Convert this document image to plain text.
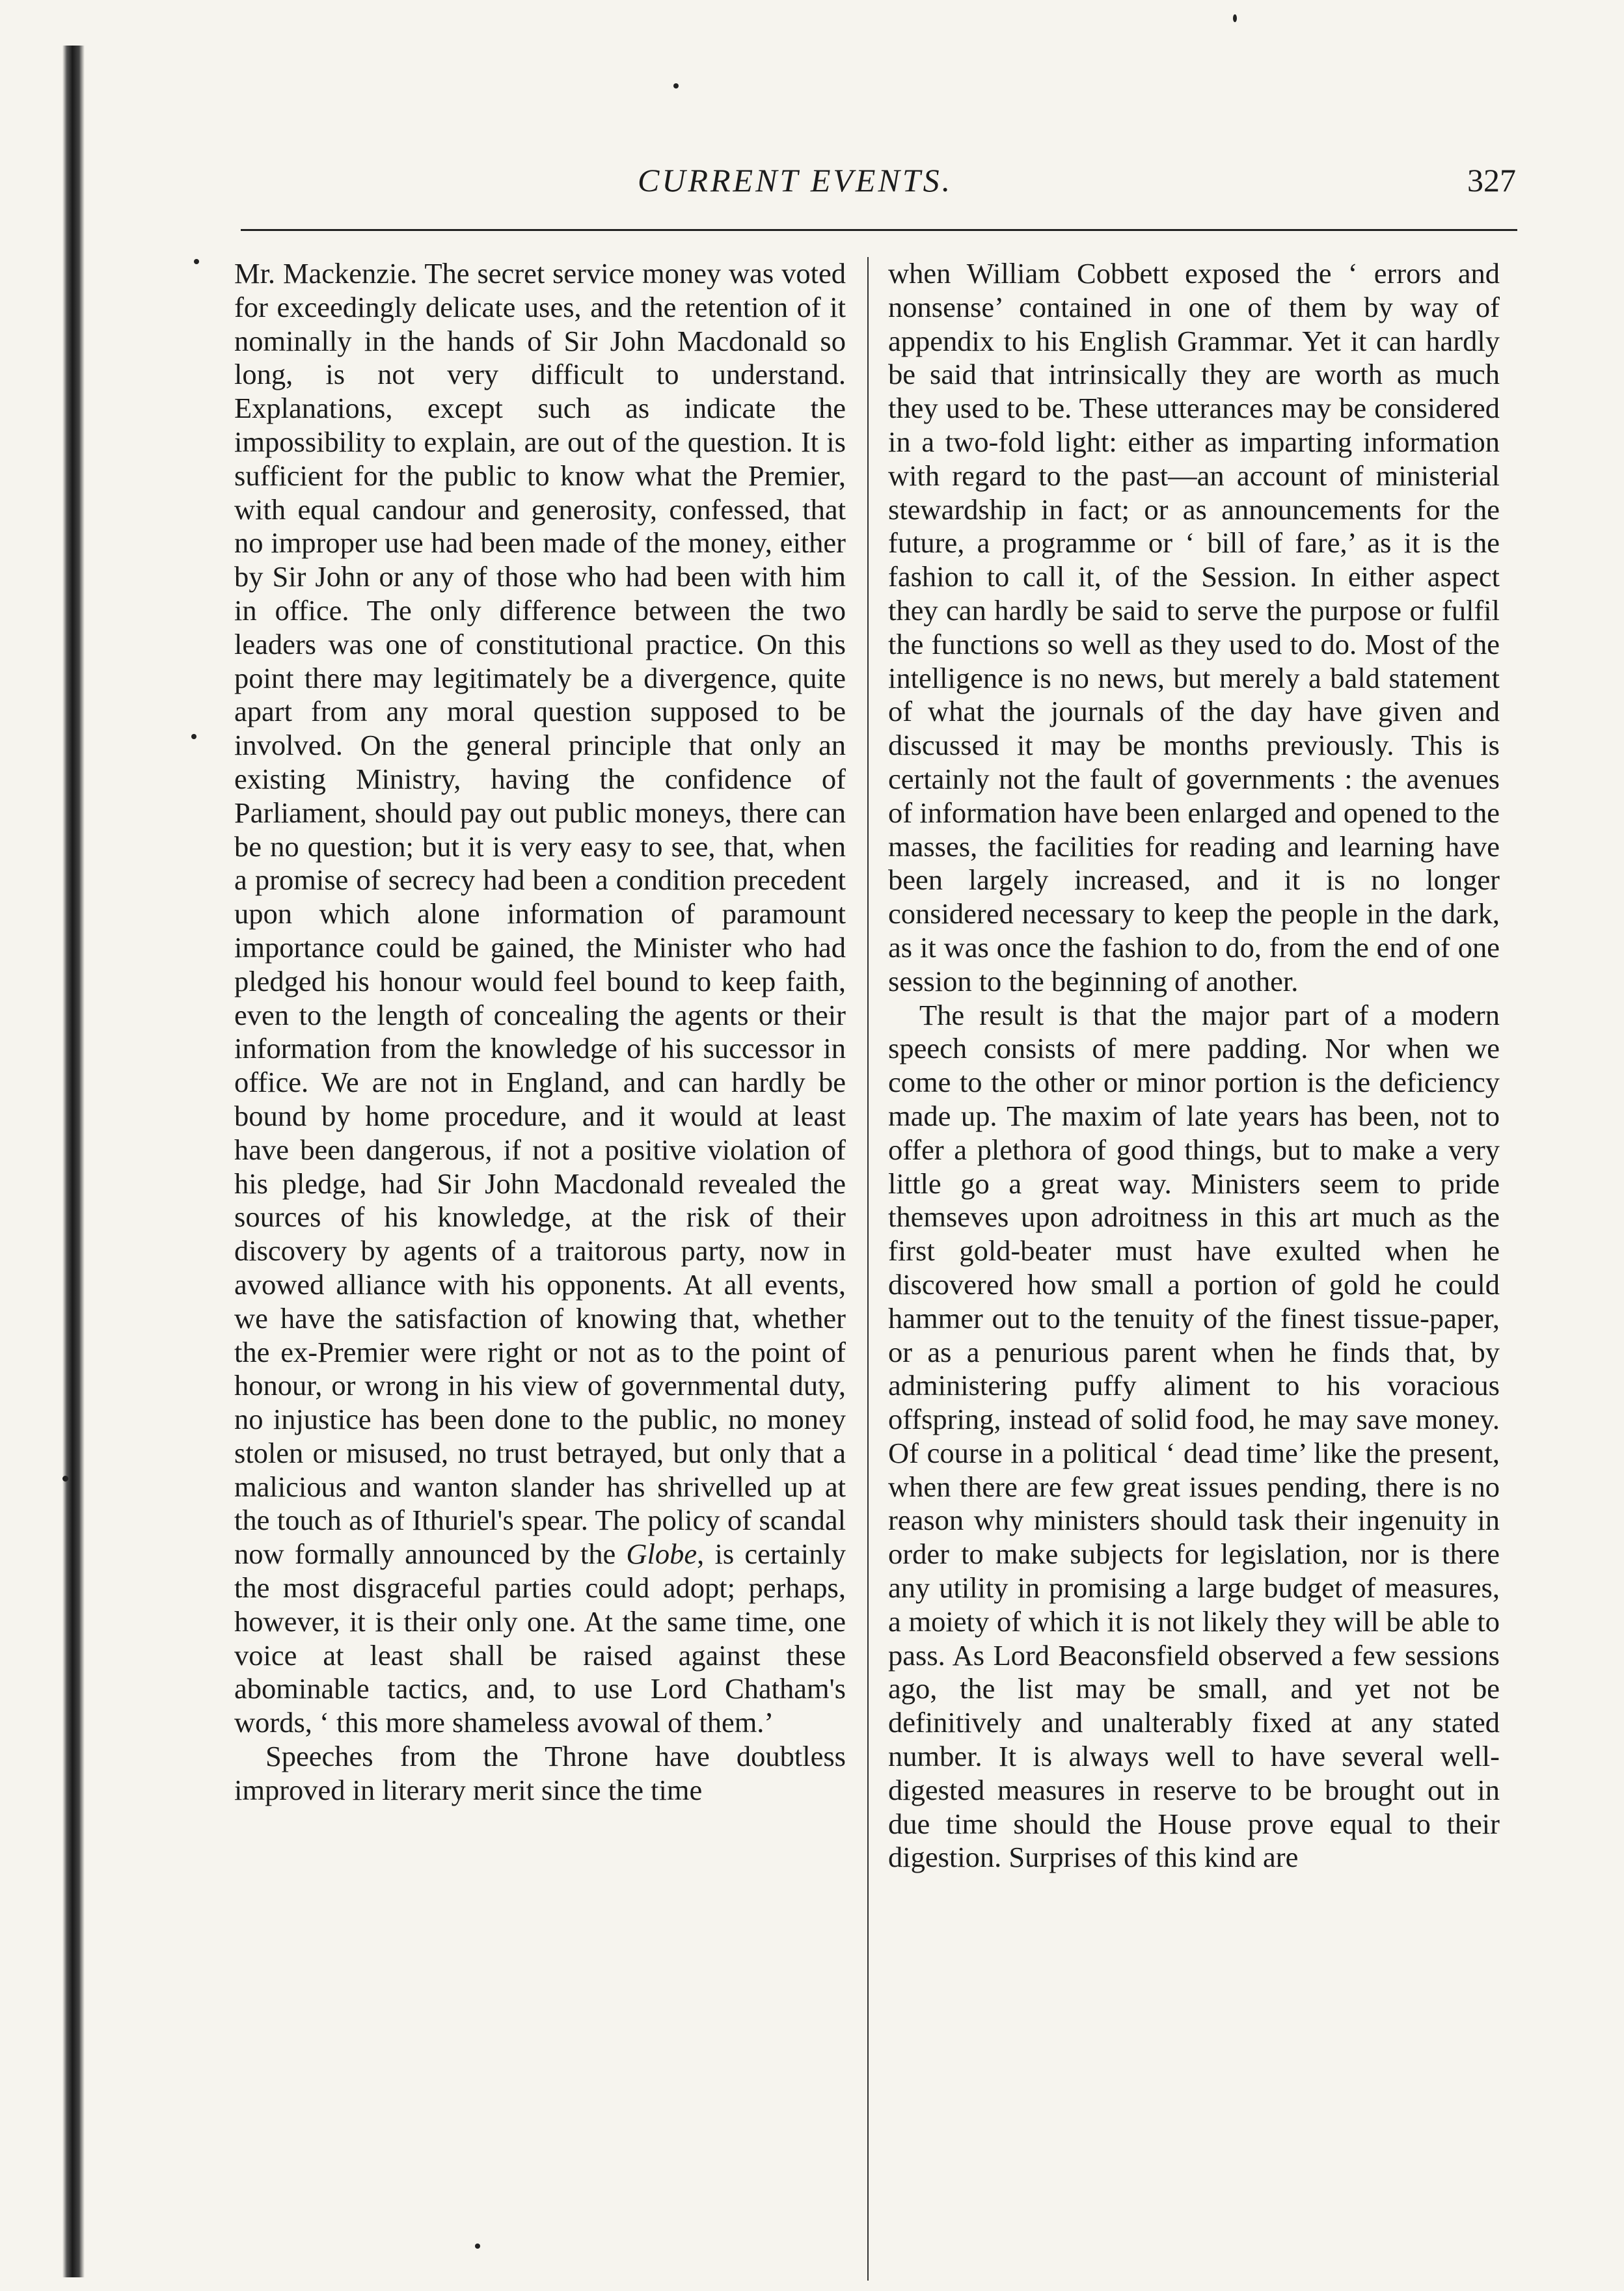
CURRENT EVENTS.	327

Mr. Mackenzie. The secret service money was voted for exceedingly delicate uses, and the retention of it nominally in the hands of Sir John Macdonald so long, is not very difficult to understand. Explanations, except such as indicate the impossibility to explain, are out of the question. It is sufficient for the public to know what the Premier, with equal candour and generosity, confessed, that no improper use had been made of the money, either by Sir John or any of those who had been with him in office. The only difference between the two leaders was one of constitutional practice. On this point there may legitimately be a divergence, quite apart from any moral question supposed to be involved. On the general principle that only an existing Ministry, having the confidence of Parliament, should pay out public moneys, there can be no question; but it is very easy to see, that, when a promise of secrecy had been a condition precedent upon which alone information of paramount importance could be gained, the Minister who had pledged his honour would feel bound to keep faith, even to the length of concealing the agents or their information from the knowledge of his successor in office. We are not in England, and can hardly be bound by home procedure, and it would at least have been dangerous, if not a positive violation of his pledge, had Sir John Macdonald revealed the sources of his knowledge, at the risk of their discovery by agents of a traitorous party, now in avowed alliance with his opponents. At all events, we have the satisfaction of knowing that, whether the ex-Premier were right or not as to the point of honour, or wrong in his view of governmental duty, no injustice has been done to the public, no money stolen or misused, no trust betrayed, but only that a malicious and wanton slander has shrivelled up at the touch as of Ithuriel's spear. The policy of scandal now formally announced by the Globe, is certainly the most disgraceful parties could adopt; perhaps, however, it is their only one. At the same time, one voice at least shall be raised against these abominable tactics, and, to use Lord Chatham's words, ‘ this more shameless avowal of them.’

Speeches from the Throne have doubtless improved in literary merit since the time

when William Cobbett exposed the ‘ errors and nonsense’ contained in one of them by way of appendix to his English Grammar. Yet it can hardly be said that intrinsically they are worth as much they used to be. These utterances may be considered in a two-fold light: either as imparting information with regard to the past—an account of ministerial stewardship in fact; or as announcements for the future, a programme or ‘ bill of fare,’ as it is the fashion to call it, of the Session. In either aspect they can hardly be said to serve the purpose or fulfil the functions so well as they used to do. Most of the intelligence is no news, but merely a bald statement of what the journals of the day have given and discussed it may be months previously. This is certainly not the fault of governments : the avenues of information have been enlarged and opened to the masses, the facilities for reading and learning have been largely increased, and it is no longer considered necessary to keep the people in the dark, as it was once the fashion to do, from the end of one session to the beginning of another.

The result is that the major part of a modern speech consists of mere padding. Nor when we come to the other or minor portion is the deficiency made up. The maxim of late years has been, not to offer a plethora of good things, but to make a very little go a great way. Ministers seem to pride themseves upon adroitness in this art much as the first gold-beater must have exulted when he discovered how small a portion of gold he could hammer out to the tenuity of the finest tissue-paper, or as a penurious parent when he finds that, by administering puffy aliment to his voracious offspring, instead of solid food, he may save money. Of course in a political ‘ dead time’ like the present, when there are few great issues pending, there is no reason why ministers should task their ingenuity in order to make subjects for legislation, nor is there any utility in promising a large budget of measures, a moiety of which it is not likely they will be able to pass. As Lord Beaconsfield observed a few sessions ago, the list may be small, and yet not be definitively and unalterably fixed at any stated number. It is always well to have several well-digested measures in reserve to be brought out in due time should the House prove equal to their digestion. Surprises of this kind are
